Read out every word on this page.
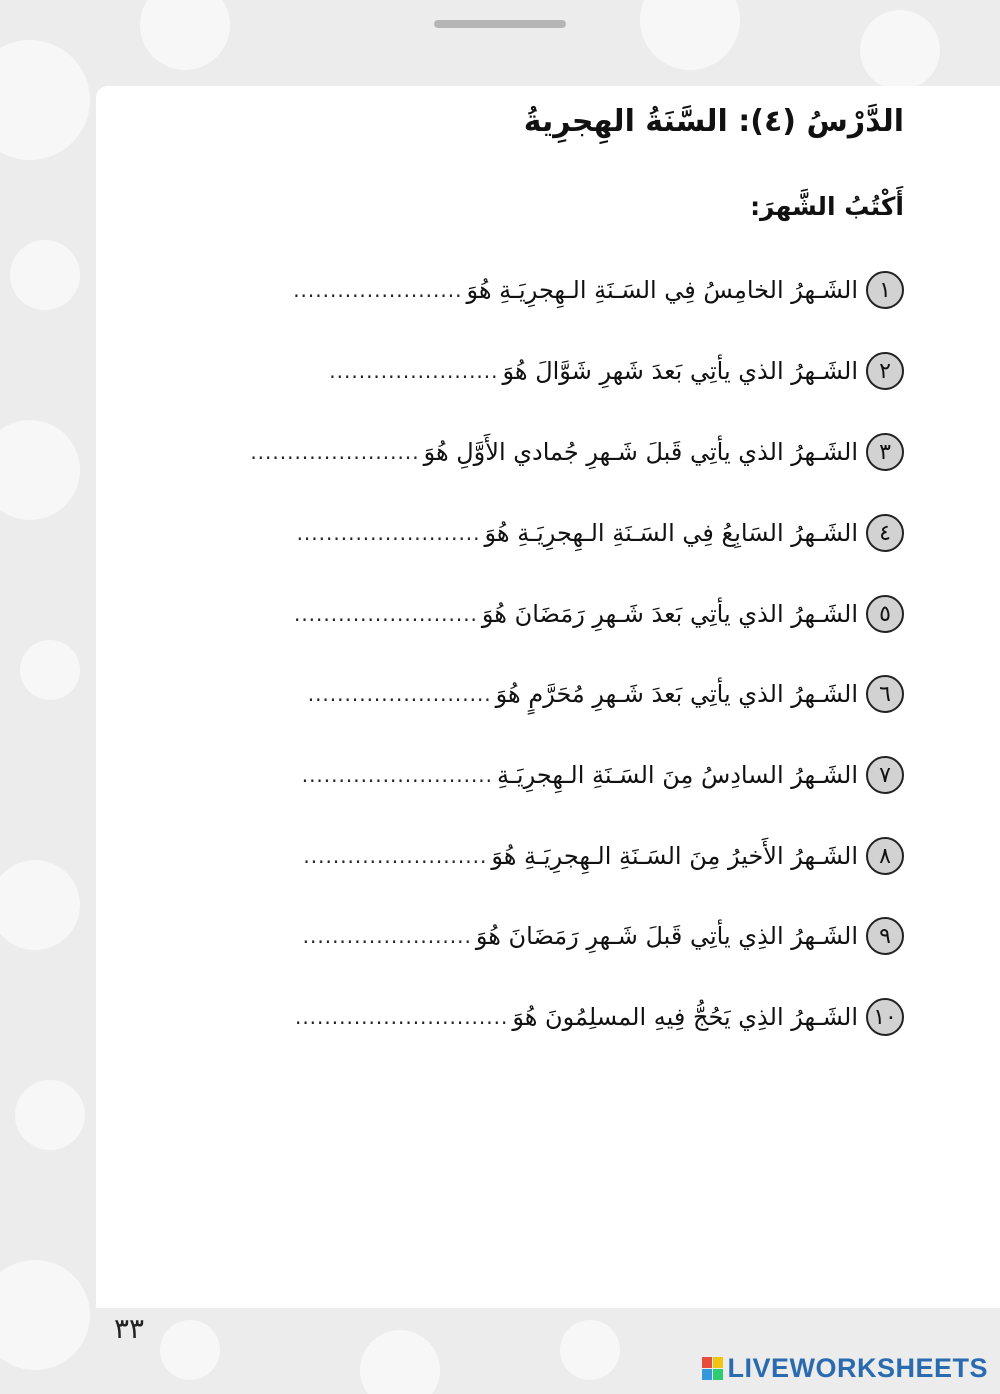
الدَّرْسُ (٤): السَّنَةُ الهِجرِيةُ
أَكْتُبُ الشَّهرَ:
١
الشَـهرُ الخامِسُ فِي السَـنَةِ الـهِجرِيَـةِ هُوَ
.......................
٢
الشَـهرُ الذي يأتِي بَعدَ شَهرِ شَوَّالَ هُوَ
.......................
٣
الشَـهرُ الذي يأتِي قَبلَ شَـهرِ جُمادي الأَوَّلِ هُوَ
.......................
٤
الشَـهرُ السَابِعُ فِي السَـنَةِ الـهِجرِيَـةِ هُوَ
.........................
٥
الشَـهرُ الذي يأتِي بَعدَ شَـهرِ رَمَضَانَ هُوَ
.........................
٦
الشَـهرُ الذي يأتِي بَعدَ شَـهرِ مُحَرَّمٍ هُوَ
.........................
٧
الشَـهرُ السادِسُ مِنَ السَـنَةِ الـهِجرِيَـةِ
..........................
٨
الشَـهرُ الأَخيرُ مِنَ السَـنَةِ الـهِجرِيَـةِ هُوَ
.........................
٩
الشَـهرُ الذِي يأتِي قَبلَ شَـهرِ رَمَضَانَ هُوَ
.......................
١٠
الشَـهرُ الذِي يَحُجُّ فِيهِ المسلِمُونَ هُوَ
.............................
٣٣
LIVEWORKSHEETS
